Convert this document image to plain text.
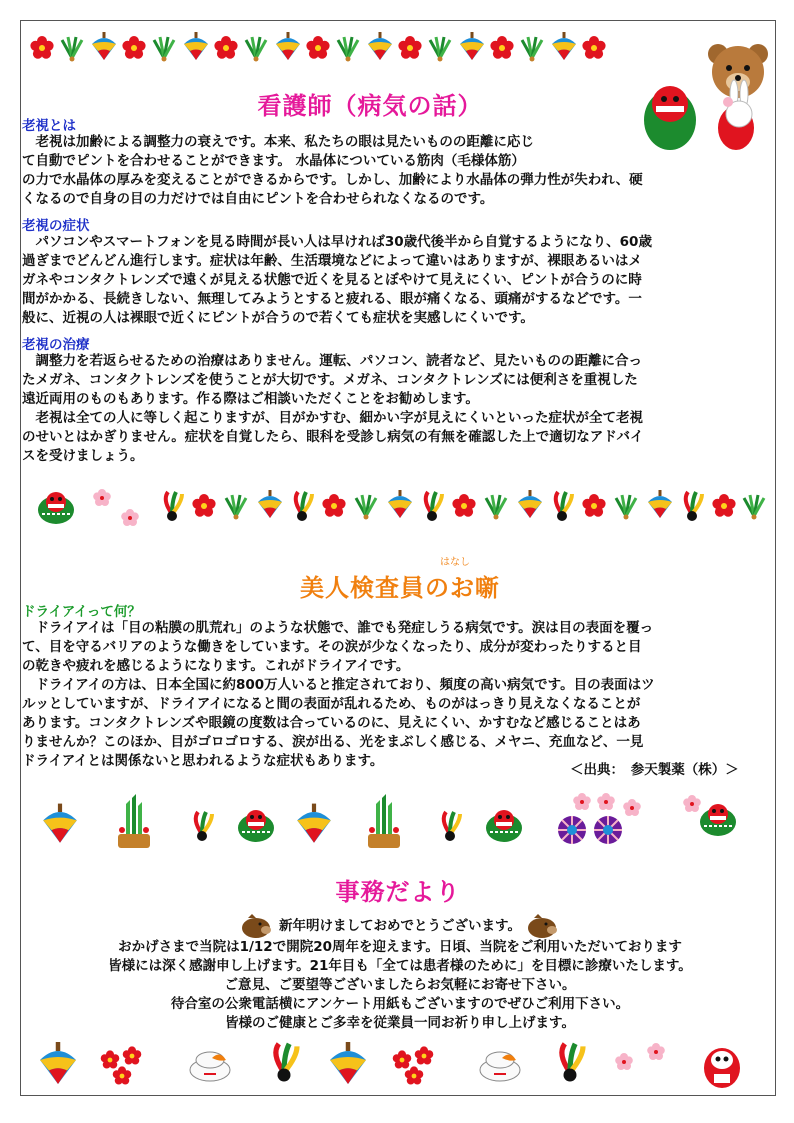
看護師（病気の話）
老視とは
　老視は加齢による調整力の衰えです。本来、私たちの眼は見たいものの距離に応じ
て自動でピントを合わせることができます。 水晶体についている筋肉（毛様体筋）
の力で水晶体の厚みを変えることができるからです。しかし、加齢により水晶体の弾力性が失われ、硬
くなるので自身の目の力だけでは自由にピントを合わせられなくなるのです。
老視の症状
　パソコンやスマートフォンを見る時間が長い人は早ければ30歳代後半から自覚するようになり、60歳
過ぎまでどんどん進行します。症状は年齢、生活環境などによって違いはありますが、裸眼あるいはメ
ガネやコンタクトレンズで遠くが見える状態で近くを見るとぼやけて見えにくい、ピントが合うのに時
間がかかる、長続きしない、無理してみようとすると疲れる、眼が痛くなる、頭痛がするなどです。一
般に、近視の人は裸眼で近くにピントが合うので若くても症状を実感しにくいです。
老視の治療
　調整力を若返らせるための治療はありません。運転、パソコン、読者など、見たいものの距離に合っ
たメガネ、コンタクトレンズを使うことが大切です。メガネ、コンタクトレンズには便利さを重視した
遠近両用のものもあります。作る際はご相談いただくことをお勧めします。
　老視は全ての人に等しく起こりますが、目がかすむ、細かい字が見えにくいといった症状が全て老視
のせいとはかぎりません。症状を自覚したら、眼科を受診し病気の有無を確認した上で適切なアドバイ
スを受けましょう。
はなし
美人検査員のお噺
ドライアイって何？
　ドライアイは「目の粘膜の肌荒れ」のような状態で、誰でも発症しうる病気です。涙は目の表面を覆っ
て、目を守るバリアのような働きをしています。その涙が少なくなったり、成分が変わったりすると目
の乾きや疲れを感じるようになります。これがドライアイです。
　ドライアイの方は、日本全国に約800万人いると推定されており、頻度の高い病気です。目の表面はツ
ルッとしていますが、ドライアイになると間の表面が乱れるため、ものがはっきり見えなくなることが
あります。コンタクトレンズや眼鏡の度数は合っているのに、見えにくい、かすむなど感じることはあ
りませんか？このほか、目がゴロゴロする、涙が出る、光をまぶしく感じる、メヤニ、充血など、一見
ドライアイとは関係ないと思われるような症状もあります。
＜出典：　参天製薬（株）＞
事務だより
新年明けましておめでとうございます。
おかげさまで当院は1/12で開院20周年を迎えます。日頃、当院をご利用いただいております
皆様には深く感謝申し上げます。21年目も「全ては患者様のために」を目標に診療いたします。
ご意見、ご要望等ございましたらお気軽にお寄せ下さい。
待合室の公衆電話横にアンケート用紙もございますのでぜひご利用下さい。
皆様のご健康とご多幸を従業員一同お祈り申し上げます。
